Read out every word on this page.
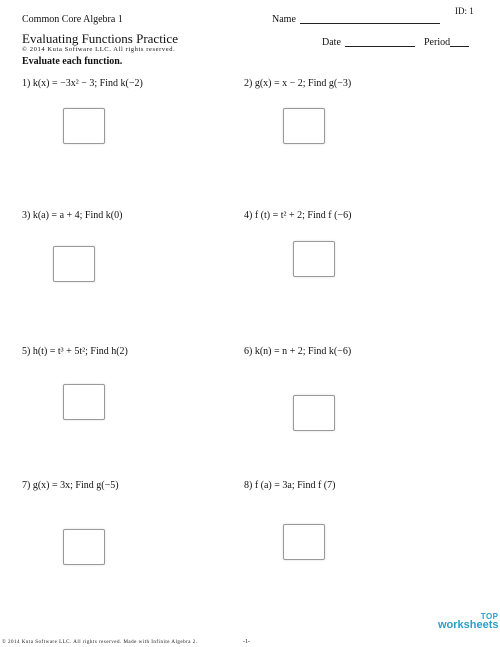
ID: 1
Common Core Algebra 1	Name
Evaluating Functions Practice
© 2014 Kuta Software LLC. All rights reserved.
Date	Period
Evaluate each function.
1) k(x) = −3x² − 3; Find k(−2)	2) g(x) = x − 2; Find g(−3)
3) k(a) = a + 4; Find k(0)	4) f (t) = t² + 2; Find f (−6)
5) h(t) = t³ + 5t²; Find h(2)	6) k(n) = n + 2; Find k(−6)
7) g(x) = 3x; Find g(−5)	8) f (a) = 3a; Find f (7)
© 2014 Kuta Software LLC. All rights reserved. Made with Infinite Algebra 2.	-1-
TOP
worksheets
